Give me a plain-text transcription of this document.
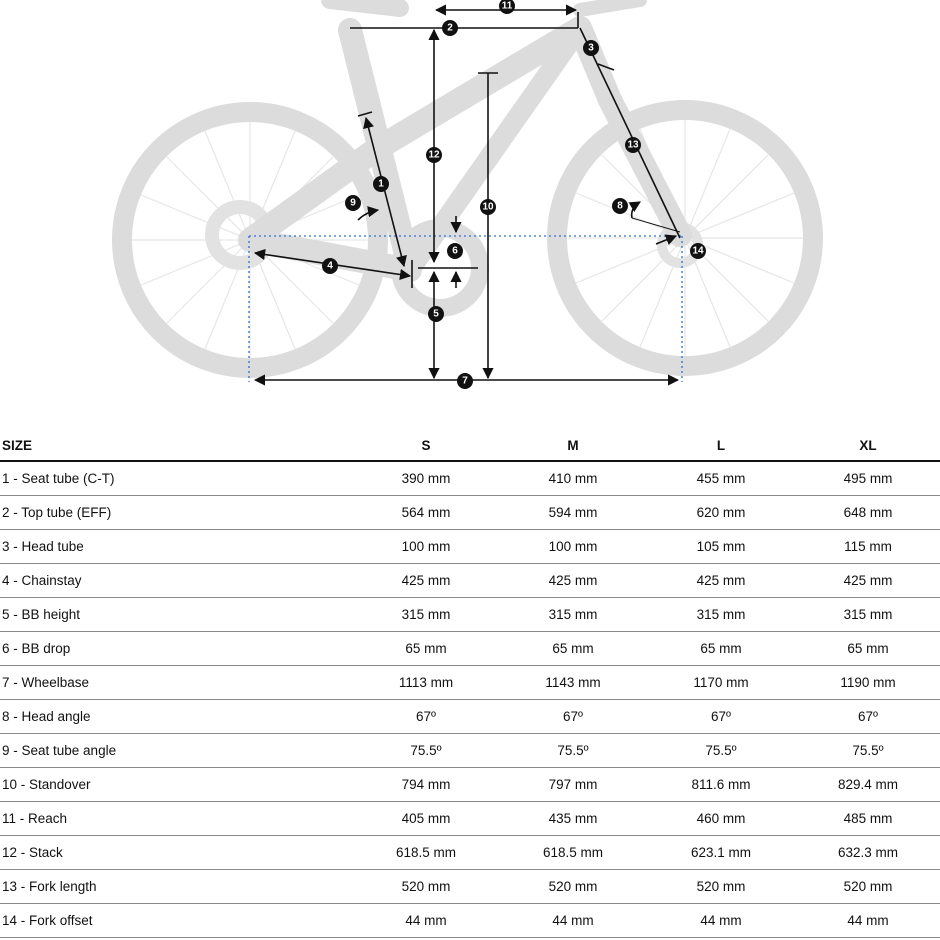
11
2
3
12
13
1
9	10	8
14
6
4
5
7
SIZE	S	M	L	XL
1 - Seat tube (C-T)	390 mm	410 mm	455 mm	495 mm
2 - Top tube (EFF)	564 mm	594 mm	620 mm	648 mm
3 - Head tube	100 mm	100 mm	105 mm	115 mm
4 - Chainstay	425 mm	425 mm	425 mm	425 mm
5 - BB height	315 mm	315 mm	315 mm	315 mm
6 - BB drop	65 mm	65 mm	65 mm	65 mm
7 - Wheelbase	1113 mm	1143 mm	1170 mm	1190 mm
8 - Head angle	67º	67º	67º	67º
9 - Seat tube angle	75.5º	75.5º	75.5º	75.5º
10 - Standover	794 mm	797 mm	811.6 mm	829.4 mm
11 - Reach	405 mm	435 mm	460 mm	485 mm
12 - Stack	618.5 mm	618.5 mm	623.1 mm	632.3 mm
13 - Fork length	520 mm	520 mm	520 mm	520 mm
14 - Fork offset	44 mm	44 mm	44 mm	44 mm
